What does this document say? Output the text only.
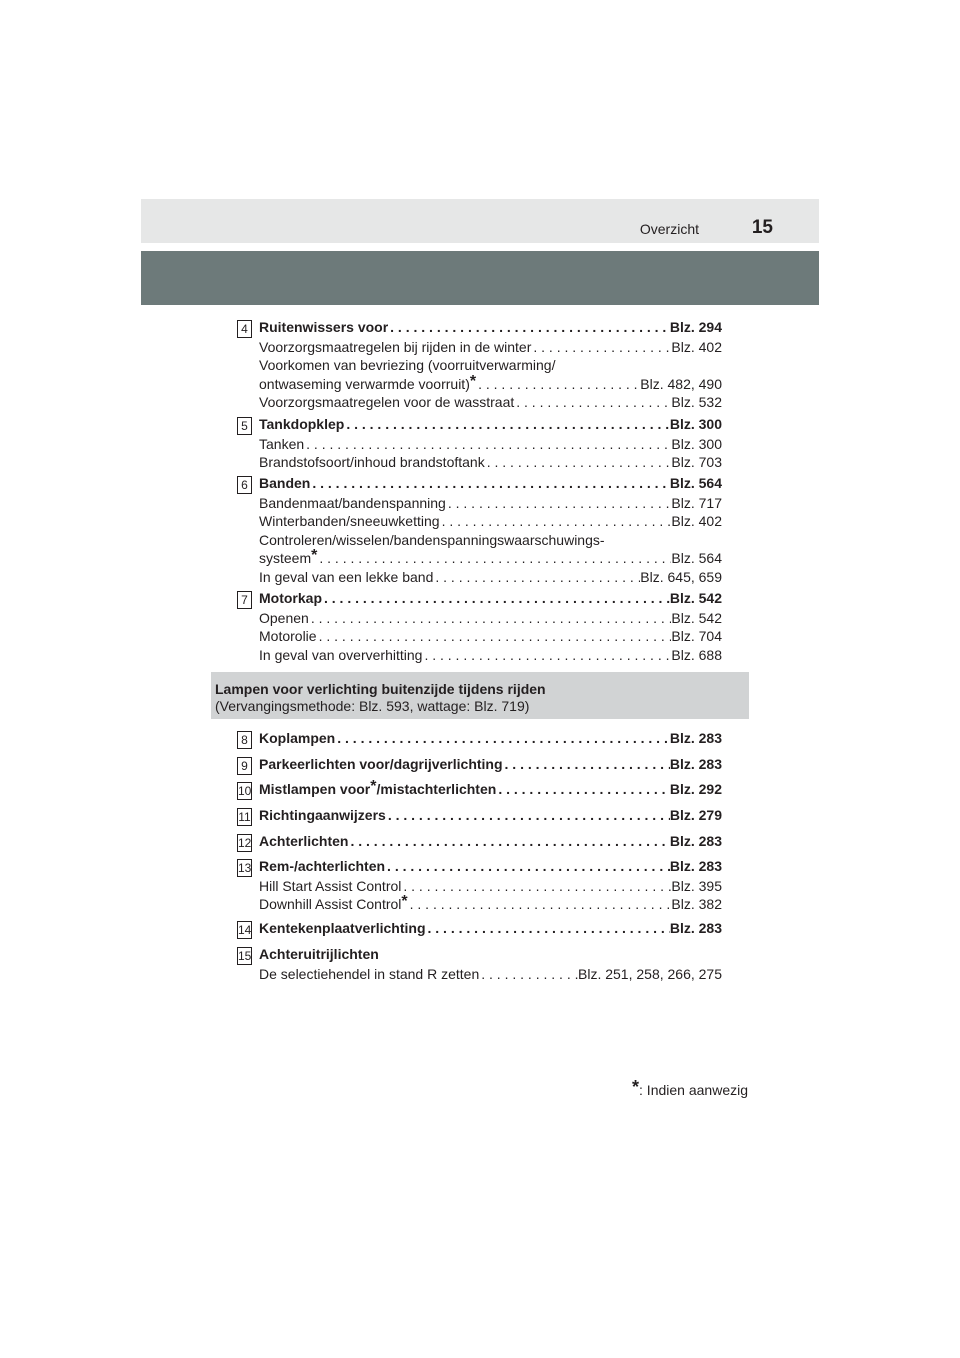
Overzicht	15
4 Ruitenwissers voor . . .	Blz. 294
Voorzorgsmaatregelen bij rijden in de winter . . .	Blz. 402
Voorkomen van bevriezing (voorruitverwarming/
ontwaseming verwarmde voorruit)* . . .	Blz. 482, 490
Voorzorgsmaatregelen voor de wasstraat . . .	Blz. 532
5 Tankdopklep . . .	Blz. 300
Tanken . . .	Blz. 300
Brandstofsoort/inhoud brandstoftank . . .	Blz. 703
6 Banden . . .	Blz. 564
Bandenmaat/bandenspanning . . .	Blz. 717
Winterbanden/sneeuwketting . . .	Blz. 402
Controleren/wisselen/bandenspanningswaarschuwings-
systeem* . . .	Blz. 564
In geval van een lekke band . . .	Blz. 645, 659
7 Motorkap . . .	Blz. 542
Openen . . .	Blz. 542
Motorolie . . .	Blz. 704
In geval van oververhitting . . .	Blz. 688
Lampen voor verlichting buitenzijde tijdens rijden
(Vervangingsmethode: Blz. 593, wattage: Blz. 719)
8 Koplampen . . .	Blz. 283
9 Parkeerlichten voor/dagrijverlichting . . .	Blz. 283
10 Mistlampen voor*/mistachterlichten . . .	Blz. 292
11 Richtingaanwijzers . . .	Blz. 279
12 Achterlichten . . .	Blz. 283
13 Rem-/achterlichten . . .	Blz. 283
Hill Start Assist Control . . .	Blz. 395
Downhill Assist Control* . . .	Blz. 382
14 Kentekenplaatverlichting . . .	Blz. 283
15 Achteruitrijlichten
De selectiehendel in stand R zetten . . .	Blz. 251, 258, 266, 275
*: Indien aanwezig
